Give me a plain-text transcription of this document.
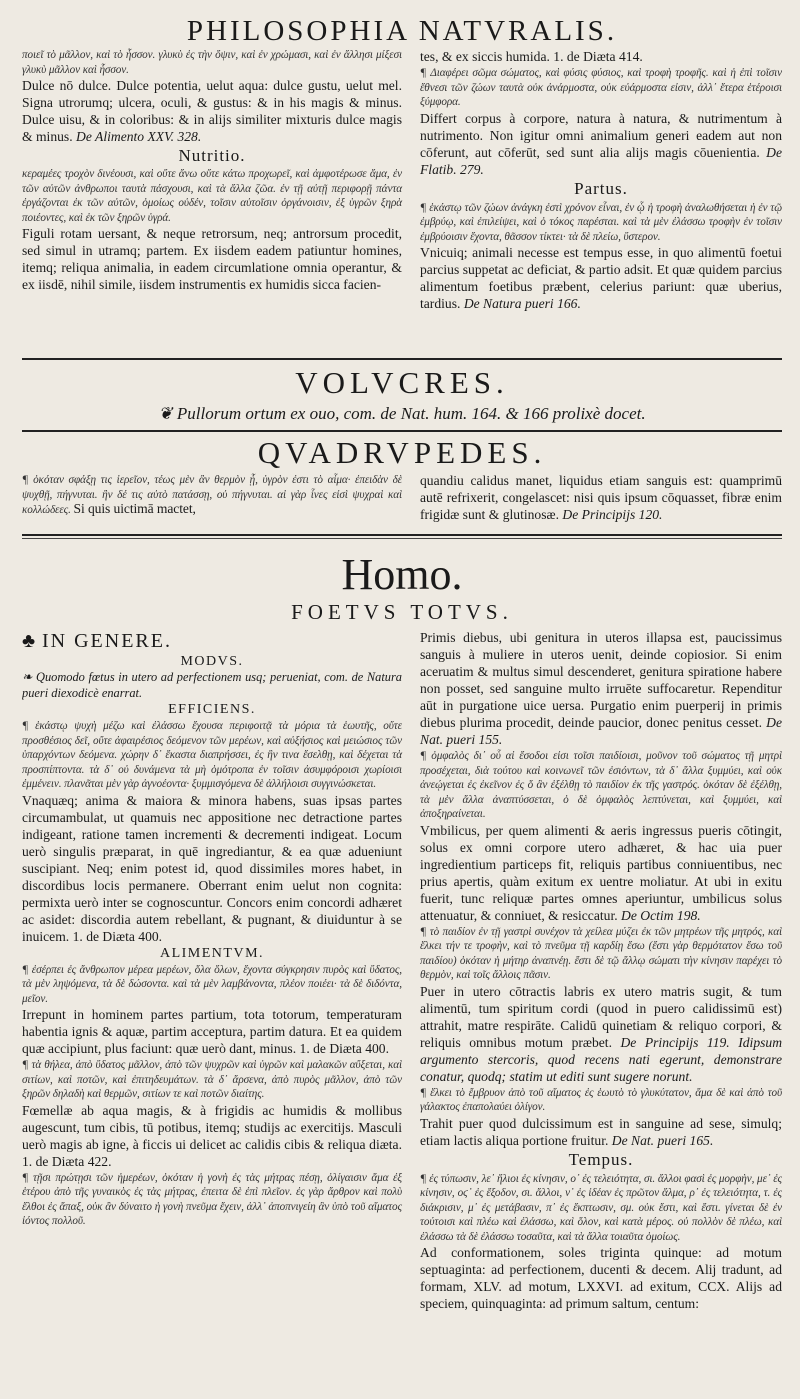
PHILOSOPHIA NATVRALIS.

ποιεῖ τὸ μᾶλλον, καὶ τὸ ἧσσον. γλυκὺ ἐς τὴν ὄψιν, καὶ ἐν χρώμασι, καὶ ἐν ἄλλησι μίξεσι γλυκὺ μᾶλλον καὶ ἧσσον.

Dulce nō dulce. Dulce potentia, uelut aqua: dulce gustu, uelut mel. Signa utrorumq; ulcera, oculi, & gustus: & in his magis & minus. Dulce uisu, & in coloribus: & in alijs similiter mixturis dulce magis & minus. De Alimento XXV. 328.

Nutritio.

κεραμέες τροχὸν δινέουσι, καὶ οὔτε ἄνω οὔτε κάτω προχωρεῖ, καὶ ἀμφοτέρωσε ἅμα, ἐν τῶν αὐτῶν ἀνθρωποι ταυτὰ πάσχουσι, καὶ τὰ ἄλλα ζῶα. ἐν τῇ αὐτῇ περιφορῇ πάντα ἐργάζονται ἐκ τῶν αὐτῶν, ὁμοίως οὐδέν, τοῖσιν αὐτοῖσιν ὀργάνοισιν, ἐξ ὑγρῶν ξηρὰ ποιέοντες, καὶ ἐκ τῶν ξηρῶν ὑγρά.

Figuli rotam uersant, & neque retrorsum, neq; antrorsum procedit, sed simul in utramq; partem. Ex iisdem eadem patiuntur homines, itemq; reliqua animalia, in eadem circumlatione omnia operantur, & ex iisdē, nihil simile, iisdem instrumentis ex humidis sicca facien-

tes, & ex siccis humida. 1. de Diæta 414.

¶ Διαφέρει σῶμα σώματος, καὶ φύσις φύσιος, καὶ τροφὴ τροφῆς. καὶ ἡ ἐπὶ τοῖσιν ἔθνεσι τῶν ζώων ταυτὰ οὐκ ἀνάρμοστα, οὐκ εὐάρμοστα εἰσιν, ἀλλ᾽ ἕτερα ἑτέροισι ξύμφορα.

Differt corpus à corpore, natura à natura, & nutrimentum à nutrimento. Non igitur omni animalium generi eadem aut non cōferunt, aut cōferūt, sed sunt alia alijs magis cōuenientia. De Flatib. 279.

Partus.

¶ ἑκάστῳ τῶν ζώων ἀνάγκη ἐστὶ χρόνον εἶναι, ἐν ᾧ ἡ τροφὴ ἀναλωθήσεται ἡ ἐν τῷ ἐμβρύῳ, καὶ ἐπιλείψει, καὶ ὁ τόκος παρέσται. καὶ τὰ μὲν ἐλάσσω τροφὴν ἐν τοῖσιν ἐμβρύοισιν ἔχοντα, θᾶσσον τίκτει· τὰ δὲ πλείω, ὕστερον.

Vnicuiq; animali necesse est tempus esse, in quo alimentū foetui parcius suppetat ac deficiat, & partio adsit. Et quæ quidem parcius alimentum foetibus præbent, celerius pariunt: quæ uberius, tardius. De Natura pueri 166.

VOLVCRES.
❦ Pullorum ortum ex ouo, com. de Nat. hum. 164. & 166 prolixè docet.
QVADRVPEDES.

¶ ὁκόταν σφάξῃ τις ἱερεῖον, τέως μὲν ἂν θερμὸν ᾖ, ὑγρὸν ἐστι τὸ αἷμα· ἐπειδὰν δὲ ψυχθῇ, πήγνυται. ἢν δέ τις αὐτὸ πατάσσῃ, οὐ πήγνυται. αἱ γὰρ ἶνες εἰσὶ ψυχραὶ καὶ κολλώδεες. Si quis uictimā mactet,

quandiu calidus manet, liquidus etiam sanguis est: quamprimū autē refrixerit, congelascet: nisi quis ipsum cōquasset, fibræ enim frigidæ sunt & glutinosæ. De Principijs 120.

Homo.
FOETVS TOTVS.
♣ IN GENERE.
MODVS.

❧ Quomodo fœtus in utero ad perfectionem usq; perueniat, com. de Natura pueri diexodicè enarrat.

EFFICIENS.

¶ ἑκάστῳ ψυχὴ μέζω καὶ ἐλάσσω ἔχουσα περιφοιτᾷ τὰ μόρια τὰ ἑωυτῆς, οὔτε προσθέσιος δεῖ, οὔτε ἀφαιρέσιος δεόμενον τῶν μερέων, καὶ αὐξήσιος καὶ μειώσιος τῶν ὑπαρχόντων δεόμενα. χώρην δ᾽ ἕκαστα διαπρήσσει, ἐς ἣν τινα ἔσελθῃ, καὶ δέχεται τὰ προσπίπτοντα. τὰ δ᾽ οὐ δυνάμενα τὰ μὴ ὁμότροπα ἐν τοῖσιν ἀσυμφόροισι χωρίοισι ἐμμένειν. πλανᾶται μὲν γὰρ ἀγνοέοντα· ξυμμισγόμενα δὲ ἀλλήλοισι συγγινώσκεται.

Vnaquæq; anima & maiora & minora habens, suas ipsas partes circumambulat, ut quamuis nec appositione nec detractione partes indigeant, ratione tamen incrementi & decrementi indigeat. Locum uerò singulis præparat, in quē ingrediantur, & ea quæ adueniunt suscipiant. Neq; enim potest id, quod dissimiles mores habet, in discordibus locis permanere. Oberrant enim uelut non cognita: permixta uerò inter se cognoscuntur. Concors enim concordi adhæret ac asidet: discordia autem rebellant, & pugnant, & diuiduntur à se inuicem. 1. de Diæta 400.

ALIMENTVM.

¶ ἐσέρπει ἐς ἄνθρωπον μέρεα μερέων, ὅλα ὅλων, ἔχοντα σύγκρησιν πυρὸς καὶ ὕδατος, τὰ μὲν ληψόμενα, τὰ δὲ δώσοντα. καὶ τὰ μὲν λαμβάνοντα, πλέον ποιέει· τὰ δὲ διδόντα, μεῖον.

Irrepunt in hominem partes partium, tota totorum, temperaturam habentia ignis & aquæ, partim acceptura, partim datura. Et ea quidem quæ accipiunt, plus faciunt: quæ uerò dant, minus. 1. de Diæta 400.

¶ τὰ θήλεα, ἀπὸ ὕδατος μᾶλλον, ἀπὸ τῶν ψυχρῶν καὶ ὑγρῶν καὶ μαλακῶν αὔξεται, καὶ σιτίων, καὶ ποτῶν, καὶ ἐπιτηδευμάτων. τὰ δ᾽ ἄρσενα, ἀπὸ πυρὸς μᾶλλον, ἀπὸ τῶν ξηρῶν δηλαδὴ καὶ θερμῶν, σιτίων τε καὶ ποτῶν διαίτης.

Fœmellæ ab aqua magis, & à frigidis ac humidis & mollibus augescunt, tum cibis, tū potibus, itemq; studijs ac exercitijs. Masculi uerò magis ab igne, à ficcis ui delicet ac calidis cibis & reliqua diæta. 1. de Diæta 422.

¶ τῇσι πρώτῃσι τῶν ἡμερέων, ὁκόταν ἡ γονὴ ἐς τὰς μήτρας πέσῃ, ὀλίγαισιν ἅμα ἐξ ἑτέρου ἀπὸ τῆς γυναικὸς ἐς τὰς μήτρας, ἐπειτα δὲ ἐπὶ πλεῖον. ἐς γὰρ ἄρθρον καὶ πολὺ ἔλθοι ἐς ἅπαξ, οὐκ ἂν δύναιτο ἡ γονὴ πνεῦμα ἔχειν, ἀλλ᾽ ἀποπνιγείη ἂν ὑπὸ τοῦ αἵματος ἰόντος πολλοῦ.

Primis diebus, ubi genitura in uteros illapsa est, paucissimus sanguis à muliere in uteros uenit, deinde copiosior. Si enim aceruatim & multus simul descenderet, genitura spiratione habere non posset, sed sanguine multo irruēte suffocaretur. Rependitur aūt in purgatione uice uersa. Purgatio enim puerperij in primis diebus plurima procedit, deinde paucior, donec penitus cesset. De Nat. pueri 155.

¶ ὀμφαλὸς δι᾽ οὗ αἱ ἔσοδοι εἰσι τοῖσι παιδίοισι, μοῦνον τοῦ σώματος τῇ μητρὶ προσέχεται, διὰ τούτου καὶ κοινωνεῖ τῶν ἐσιόντων, τὰ δ᾽ ἄλλα ξυμμύει, καὶ οὐκ ἀνεῴγεται ἐς ἐκεῖνον ἐς ὅ ἂν ἐξέλθῃ τὸ παιδίον ἐκ τῆς γαστρός. ὁκόταν δὲ ἐξέλθῃ, τὰ μὲν ἄλλα ἀναπτύσσεται, ὁ δὲ ὀμφαλὸς λεπτύνεται, καὶ ξυμμύει, καὶ ἀποξηραίνεται.

Vmbilicus, per quem alimenti & aeris ingressus pueris cōtingit, solus ex omni corpore utero adhæret, & hac uia puer ingredientium particeps fit, reliquis partibus conniuentibus, nec prius apertis, quàm exitum ex uentre moliatur. At ubi in exitu fuerit, tunc reliquæ partes omnes aperiuntur, umbilicus solus attenuatur, & conniuet, & resiccatur. De Octim 198.

¶ τὸ παιδίον ἐν τῇ γαστρὶ συνέχον τὰ χείλεα μύζει ἐκ τῶν μητρέων τῆς μητρός, καὶ ἕλκει τήν τε τροφὴν, καὶ τὸ πνεῦμα τῇ καρδίῃ ἔσω (ἔστι γὰρ θερμότατον ἔσω τοῦ παιδίου) ὁκόταν ἡ μήτηρ ἀναπνέῃ. ἔστι δὲ τῷ ἄλλῳ σώματι τὴν κίνησιν παρέχει τὸ θερμὸν, καὶ τοῖς ἄλλοις πᾶσιν.

Puer in utero cōtractis labris ex utero matris sugit, & tum alimentū, tum spiritum cordi (quod in puero calidissimū est) attrahit, matre respirāte. Calidū quinetiam & reliquo corpori, & reliquis omnibus motum præbet. De Principijs 119. Idipsum argumento stercoris, quod recens nati egerunt, demonstrare conatur, quodq; statim ut editi sunt sugere norunt.

¶ ἕλκει τὸ ἔμβρυον ἀπὸ τοῦ αἵματος ἐς ἑωυτὸ τὸ γλυκύτατον, ἅμα δὲ καὶ ἀπὸ τοῦ γάλακτος ἐπαπολαύει ὀλίγον.

Trahit puer quod dulcissimum est in sanguine ad sese, simulq; etiam lactis aliqua portione fruitur. De Nat. pueri 165.

Tempus.

¶ ἐς τύπωσιν, λε᾽ ἥλιοι ἐς κίνησιν, ο᾽ ἐς τελειότητα, σι. ἄλλοι φασὶ ἐς μορφὴν, με᾽ ἐς κίνησιν, οϛ᾽ ἐς ἔξοδον, σι. ἄλλοι, ν᾽ ἐς ἰδέαν ἐς πρῶτον ἅλμα, ρ᾽ ἐς τελειότητα, τ. ἐς διάκρισιν, μ᾽ ἐς μετάβασιν, π᾽ ἐς ἔκπτωσιν, σμ. οὐκ ἔστι, καὶ ἔστι. γίνεται δὲ ἐν τούτοισι καὶ πλέω καὶ ἐλάσσω, καὶ ὅλον, καὶ κατὰ μέρος. οὐ πολλὸν δὲ πλέω, καὶ ἐλάσσω τὰ δὲ ἐλάσσω τοσαῦτα, καὶ τὰ ἄλλα τοιαῦτα ὁμοίως.

Ad conformationem, soles triginta quinque: ad motum septuaginta: ad perfectionem, ducenti & decem. Alij tradunt, ad formam, XLV. ad motum, LXXVI. ad exitum, CCX. Alijs ad speciem, quinquaginta: ad primum saltum, centum:
